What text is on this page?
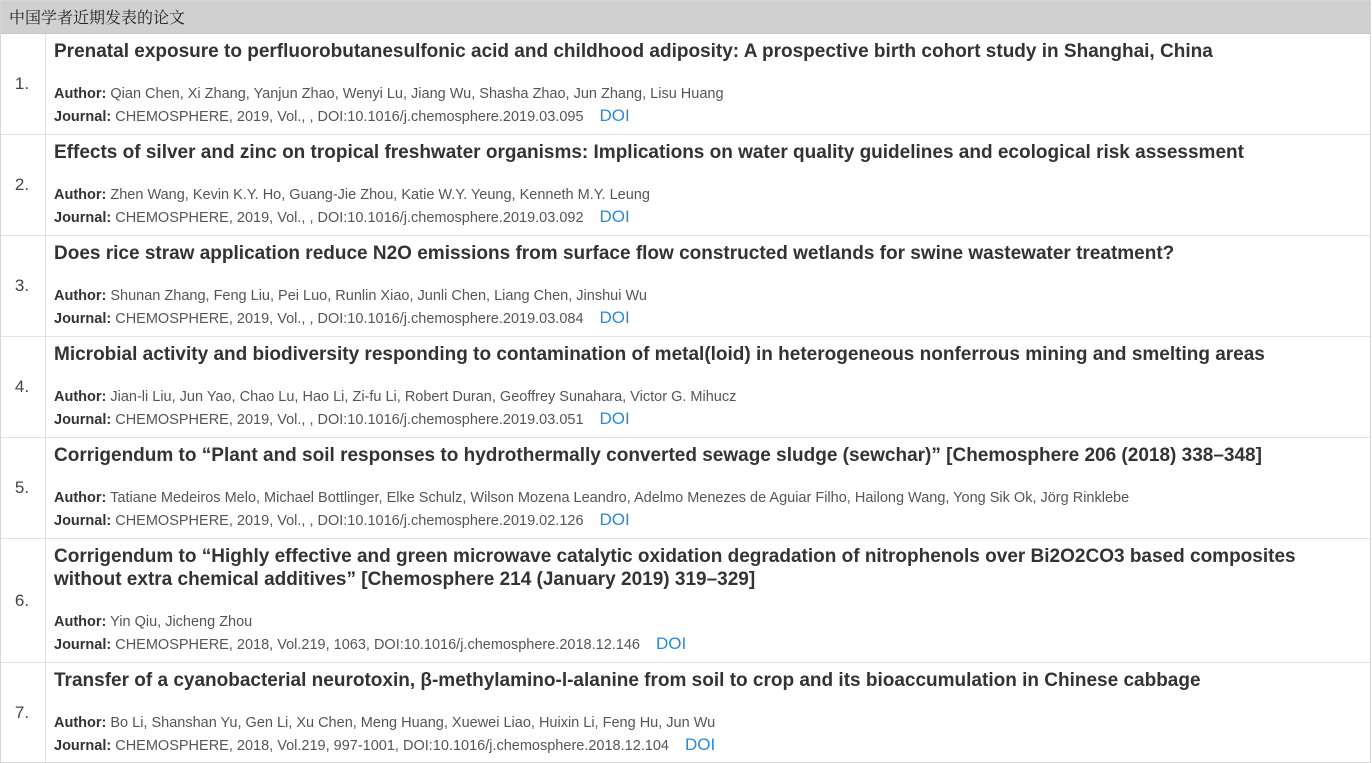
中国学者近期发表的论文
1.
Prenatal exposure to perfluorobutanesulfonic acid and childhood adiposity: A prospective birth cohort study in Shanghai, China
Author: Qian Chen, Xi Zhang, Yanjun Zhao, Wenyi Lu, Jiang Wu, Shasha Zhao, Jun Zhang, Lisu Huang
Journal: CHEMOSPHERE, 2019, Vol., , DOI:10.1016/j.chemosphere.2019.03.095 DOI
2.
Effects of silver and zinc on tropical freshwater organisms: Implications on water quality guidelines and ecological risk assessment
Author: Zhen Wang, Kevin K.Y. Ho, Guang-Jie Zhou, Katie W.Y. Yeung, Kenneth M.Y. Leung
Journal: CHEMOSPHERE, 2019, Vol., , DOI:10.1016/j.chemosphere.2019.03.092 DOI
3.
Does rice straw application reduce N2O emissions from surface flow constructed wetlands for swine wastewater treatment?
Author: Shunan Zhang, Feng Liu, Pei Luo, Runlin Xiao, Junli Chen, Liang Chen, Jinshui Wu
Journal: CHEMOSPHERE, 2019, Vol., , DOI:10.1016/j.chemosphere.2019.03.084 DOI
4.
Microbial activity and biodiversity responding to contamination of metal(loid) in heterogeneous nonferrous mining and smelting areas
Author: Jian-li Liu, Jun Yao, Chao Lu, Hao Li, Zi-fu Li, Robert Duran, Geoffrey Sunahara, Victor G. Mihucz
Journal: CHEMOSPHERE, 2019, Vol., , DOI:10.1016/j.chemosphere.2019.03.051 DOI
5.
Corrigendum to “Plant and soil responses to hydrothermally converted sewage sludge (sewchar)” [Chemosphere 206 (2018) 338–348]
Author: Tatiane Medeiros Melo, Michael Bottlinger, Elke Schulz, Wilson Mozena Leandro, Adelmo Menezes de Aguiar Filho, Hailong Wang, Yong Sik Ok, Jörg Rinklebe
Journal: CHEMOSPHERE, 2019, Vol., , DOI:10.1016/j.chemosphere.2019.02.126 DOI
6.
Corrigendum to “Highly effective and green microwave catalytic oxidation degradation of nitrophenols over Bi2O2CO3 based composites without extra chemical additives” [Chemosphere 214 (January 2019) 319–329]
Author: Yin Qiu, Jicheng Zhou
Journal: CHEMOSPHERE, 2018, Vol.219, 1063, DOI:10.1016/j.chemosphere.2018.12.146 DOI
7.
Transfer of a cyanobacterial neurotoxin, β-methylamino-l-alanine from soil to crop and its bioaccumulation in Chinese cabbage
Author: Bo Li, Shanshan Yu, Gen Li, Xu Chen, Meng Huang, Xuewei Liao, Huixin Li, Feng Hu, Jun Wu
Journal: CHEMOSPHERE, 2018, Vol.219, 997-1001, DOI:10.1016/j.chemosphere.2018.12.104 DOI
